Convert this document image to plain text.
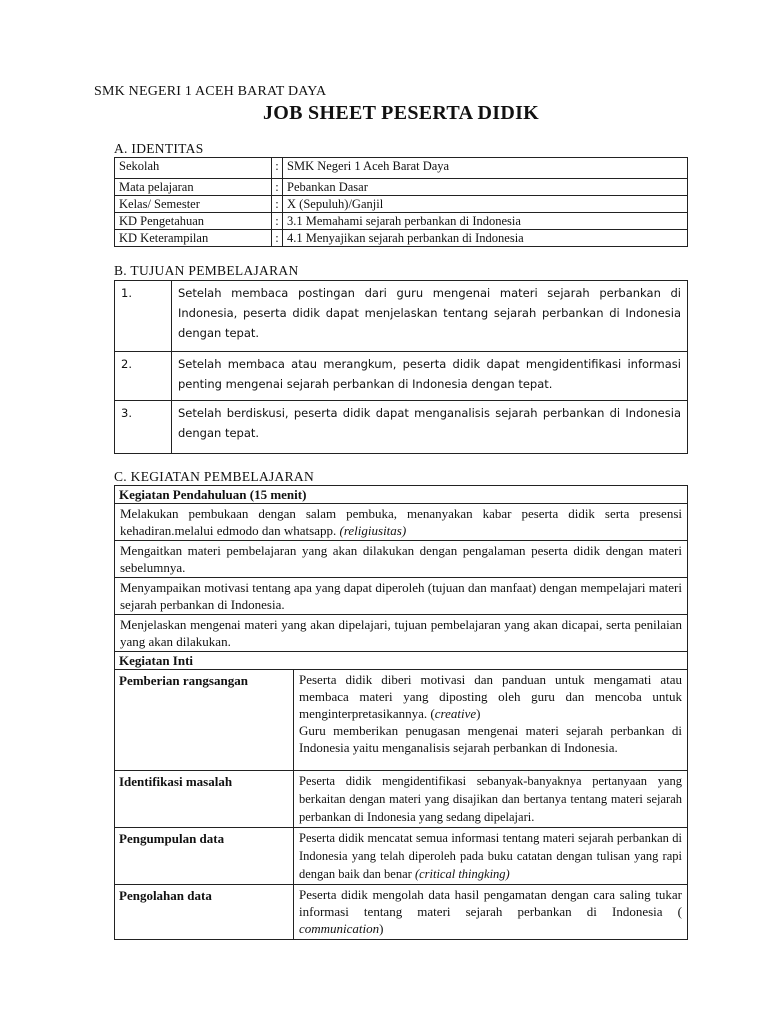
SMK NEGERI 1 ACEH BARAT DAYA
JOB SHEET PESERTA DIDIK
A. IDENTITAS
Sekolah	:	SMK Negeri 1 Aceh Barat Daya
Mata pelajaran	:	Pebankan Dasar
Kelas/ Semester	:	X (Sepuluh)/Ganjil
KD Pengetahuan	:	3.1 Memahami sejarah perbankan di Indonesia
KD Keterampilan	:	4.1 Menyajikan sejarah perbankan di Indonesia
B. TUJUAN PEMBELAJARAN
1.	Setelah membaca postingan dari guru mengenai materi sejarah perbankan di Indonesia, peserta didik dapat menjelaskan tentang sejarah perbankan di Indonesia dengan tepat.
2.	Setelah membaca atau merangkum, peserta didik dapat mengidentifikasi informasi penting mengenai sejarah perbankan di Indonesia dengan tepat.
3.	Setelah berdiskusi, peserta didik dapat menganalisis sejarah perbankan di Indonesia dengan tepat.
C. KEGIATAN PEMBELAJARAN
Kegiatan Pendahuluan (15 menit)	
Melakukan pembukaan dengan salam pembuka, menanyakan kabar peserta didik serta presensi kehadiran.melalui edmodo dan whatsapp. (religiusitas)	
Mengaitkan materi pembelajaran yang akan dilakukan dengan pengalaman peserta didik dengan materi sebelumnya.	
Menyampaikan motivasi tentang apa yang dapat diperoleh (tujuan dan manfaat) dengan mempelajari materi sejarah perbankan di Indonesia.	
Menjelaskan mengenai materi yang akan dipelajari, tujuan pembelajaran yang akan dicapai, serta penilaian yang akan dilakukan.	
Kegiatan Inti	
Pemberian rangsangan	Peserta didik diberi motivasi dan panduan untuk mengamati atau membaca materi yang diposting oleh guru dan mencoba untuk menginterpretasikannya. (creative)
Guru memberikan penugasan mengenai materi sejarah perbankan di Indonesia yaitu menganalisis sejarah perbankan di Indonesia.
Identifikasi masalah	Peserta didik mengidentifikasi sebanyak-banyaknya pertanyaan yang berkaitan dengan materi yang disajikan dan bertanya tentang materi sejarah perbankan di Indonesia yang sedang dipelajari.
Pengumpulan data	Peserta didik mencatat semua informasi tentang materi sejarah perbankan di Indonesia yang telah diperoleh pada buku catatan dengan tulisan yang rapi dengan baik dan benar (critical thingking)
Pengolahan data	Peserta didik mengolah data hasil pengamatan dengan cara saling tukar informasi tentang materi sejarah perbankan di Indonesia ( communication)
